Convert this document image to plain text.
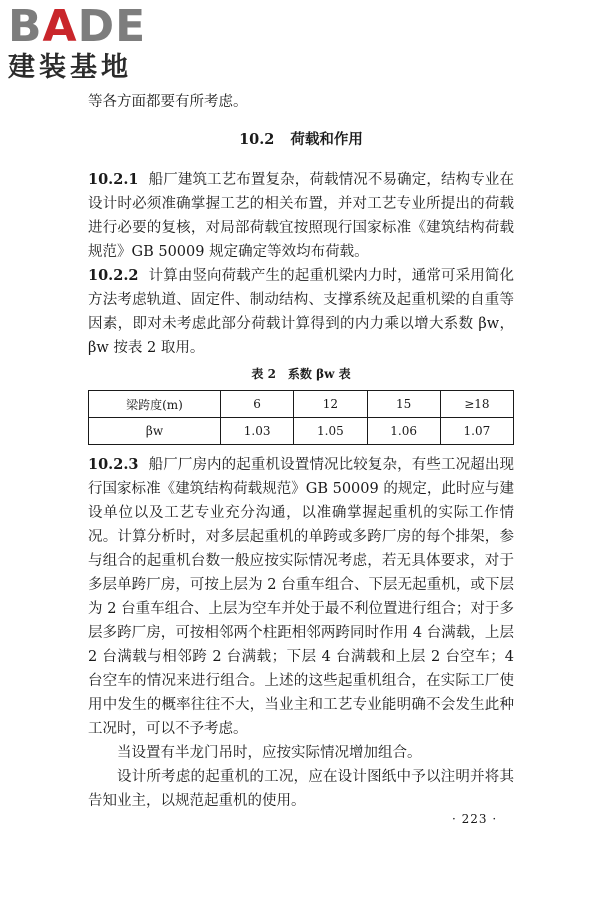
BADE
建装基地

等各方面都要有所考虑。

10.2 荷载和作用

10.2.1 船厂建筑工艺布置复杂，荷载情况不易确定，结构专业在设计时必须准确掌握工艺的相关布置，并对工艺专业所提出的荷载进行必要的复核，对局部荷载宜按照现行国家标准《建筑结构荷载规范》GB 50009 规定确定等效均布荷载。

10.2.2 计算由竖向荷载产生的起重机梁内力时，通常可采用简化方法考虑轨道、固定件、制动结构、支撑系统及起重机梁的自重等因素，即对未考虑此部分荷载计算得到的内力乘以增大系数 βw，βw 按表 2 取用。

表 2　系数 βw 表
梁跨度(m)	6	12	15	≥18
βw	1.03	1.05	1.06	1.07

10.2.3 船厂厂房内的起重机设置情况比较复杂，有些工况超出现行国家标准《建筑结构荷载规范》GB 50009 的规定，此时应与建设单位以及工艺专业充分沟通，以准确掌握起重机的实际工作情况。计算分析时，对多层起重机的单跨或多跨厂房的每个排架，参与组合的起重机台数一般应按实际情况考虑，若无具体要求，对于多层单跨厂房，可按上层为 2 台重车组合、下层无起重机，或下层为 2 台重车组合、上层为空车并处于最不利位置进行组合；对于多层多跨厂房，可按相邻两个柱距相邻两跨同时作用 4 台满载，上层 2 台满载与相邻跨 2 台满载；下层 4 台满载和上层 2 台空车；4 台空车的情况来进行组合。上述的这些起重机组合，在实际工厂使用中发生的概率往往不大，当业主和工艺专业能明确不会发生此种工况时，可以不予考虑。

当设置有半龙门吊时，应按实际情况增加组合。

设计所考虑的起重机的工况，应在设计图纸中予以注明并将其告知业主，以规范起重机的使用。

· 223 ·
